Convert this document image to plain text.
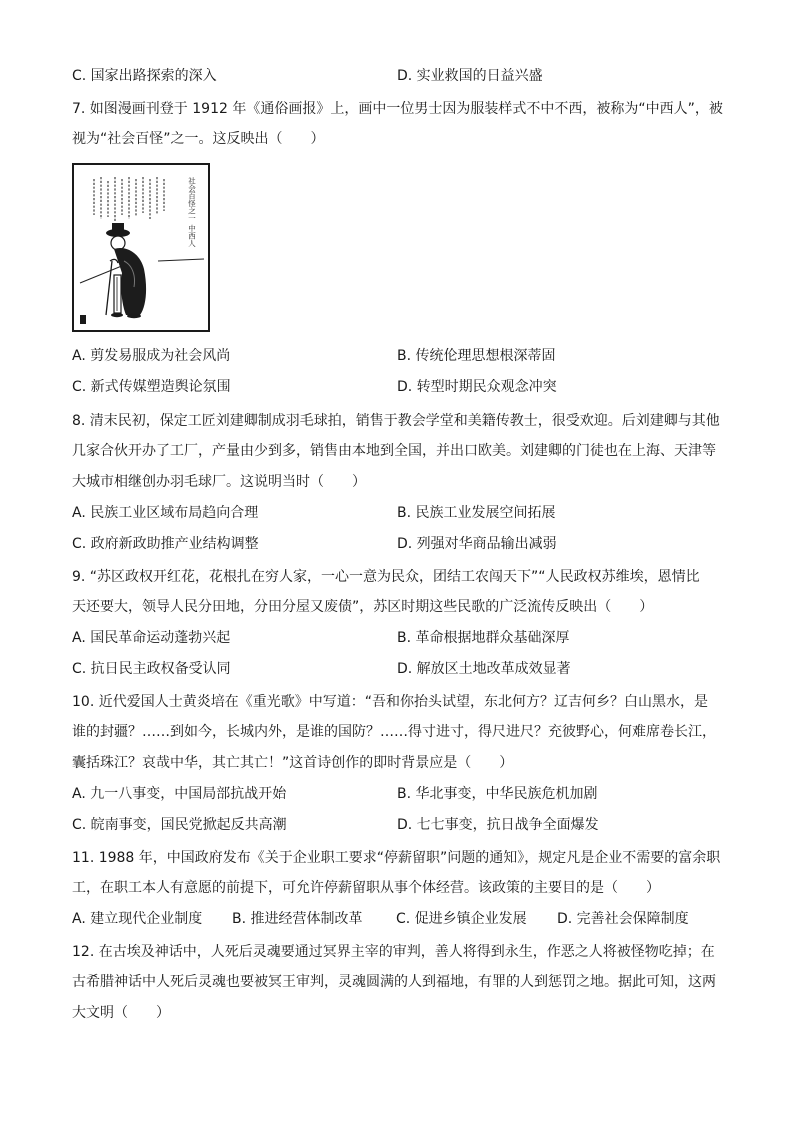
C. 国家出路探索的深入	D. 实业救国的日益兴盛
7. 如图漫画刊登于 1912 年《通俗画报》上，画中一位男士因为服装样式不中不西，被称为“中西人”，被
视为“社会百怪”之一。这反映出（　　）
社会百怪之一 中西人
A. 剪发易服成为社会风尚	B. 传统伦理思想根深蒂固
C. 新式传媒塑造舆论氛围	D. 转型时期民众观念冲突
8. 清末民初，保定工匠刘建卿制成羽毛球拍，销售于教会学堂和美籍传教士，很受欢迎。后刘建卿与其他
几家合伙开办了工厂，产量由少到多，销售由本地到全国，并出口欧美。刘建卿的门徒也在上海、天津等
大城市相继创办羽毛球厂。这说明当时（　　）
A. 民族工业区域布局趋向合理	B. 民族工业发展空间拓展
C. 政府新政助推产业结构调整	D. 列强对华商品输出减弱
9. “苏区政权开红花，花根扎在穷人家，一心一意为民众，团结工农闯天下”“人民政权苏维埃，恩情比
天还要大，领导人民分田地，分田分屋又废债”，苏区时期这些民歌的广泛流传反映出（　　）
A. 国民革命运动蓬勃兴起	B. 革命根据地群众基础深厚
C. 抗日民主政权备受认同	D. 解放区土地改革成效显著
10. 近代爱国人士黄炎培在《重光歌》中写道：“吾和你抬头试望，东北何方？辽吉何乡？白山黑水，是
谁的封疆？……到如今，长城内外，是谁的国防？……得寸进寸，得尺进尺？充彼野心，何难席卷长江，
囊括珠江？哀哉中华，其亡其亡！”这首诗创作的即时背景应是（　　）
A. 九一八事变，中国局部抗战开始	B. 华北事变，中华民族危机加剧
C. 皖南事变，国民党掀起反共高潮	D. 七七事变，抗日战争全面爆发
11. 1988 年，中国政府发布《关于企业职工要求“停薪留职”问题的通知》，规定凡是企业不需要的富余职
工，在职工本人有意愿的前提下，可允许停薪留职从事个体经营。该政策的主要目的是（　　）
A. 建立现代企业制度 B. 推进经营体制改革 C. 促进乡镇企业发展 D. 完善社会保障制度
12. 在古埃及神话中，人死后灵魂要通过冥界主宰的审判，善人将得到永生，作恶之人将被怪物吃掉；在
古希腊神话中人死后灵魂也要被冥王审判，灵魂圆满的人到福地，有罪的人到惩罚之地。据此可知，这两
大文明（　　）
